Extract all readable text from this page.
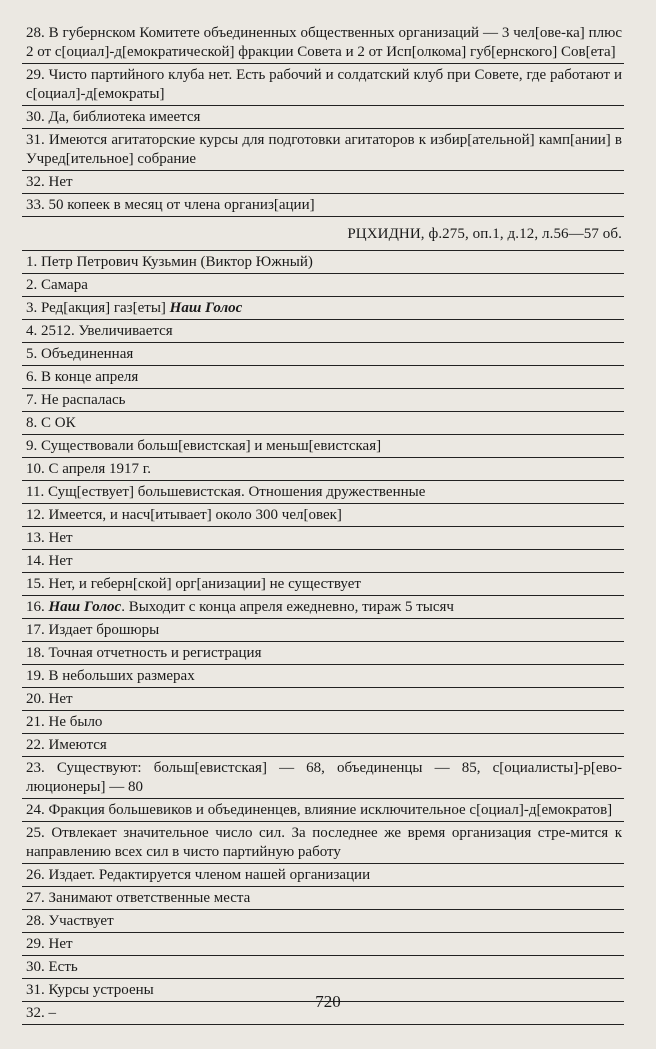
28. В губернском Комитете объединенных общественных организаций — 3 чел[ове-ка] плюс 2 от с[оциал]-д[емократической] фракции Совета и 2 от Исп[олкома] губ[ернского] Сов[ета]
29. Чисто партийного клуба нет. Есть рабочий и солдатский клуб при Совете, где работают и с[оциал]-д[емократы]
30. Да, библиотека имеется
31. Имеются агитаторские курсы для подготовки агитаторов к избир[ательной] камп[ании] в Учред[ительное] собрание
32. Нет
33. 50 копеек в месяц от члена организ[ации]
РЦХИДНИ, ф.275, оп.1, д.12, л.56—57 об.
1. Петр Петрович Кузьмин (Виктор Южный)
2. Самара
3. Ред[акция] газ[еты] Наш Голос
4. 2512. Увеличивается
5. Объединенная
6. В конце апреля
7. Не распалась
8. С ОК
9. Существовали больш[евистская] и меньш[евистская]
10. С апреля 1917 г.
11. Сущ[ествует] большевистская. Отношения дружественные
12. Имеется, и насч[итывает] около 300 чел[овек]
13. Нет
14. Нет
15. Нет, и геберн[ской] орг[анизации] не существует
16. Наш Голос. Выходит с конца апреля ежедневно, тираж 5 тысяч
17. Издает брошюры
18. Точная отчетность и регистрация
19. В небольших размерах
20. Нет
21. Не было
22. Имеются
23. Существуют: больш[евистская] — 68, объединенцы — 85, с[оциалисты]-р[ево-люционеры] — 80
24. Фракция большевиков и объединенцев, влияние исключительное с[оциал]-д[емократов]
25. Отвлекает значительное число сил. За последнее же время организация стре-мится к направлению всех сил в чисто партийную работу
26. Издает. Редактируется членом нашей организации
27. Занимают ответственные места
28. Участвует
29. Нет
30. Есть
31. Курсы устроены
32. –
720
